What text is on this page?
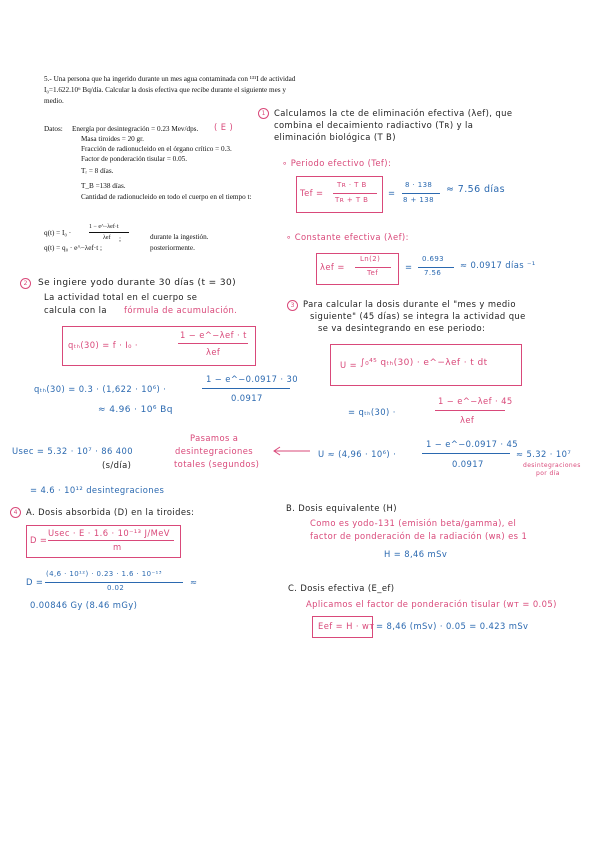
5.- Una persona que ha ingerido durante un mes agua contaminada con ¹³¹I de actividad
I₀=1.622.10⁶ Bq/día. Calcular la dosis efectiva que recibe durante el siguiente mes y
medio.
Datos: Energía por desintegración = 0.23 Mev/dps. ( E )
Masa tiroides = 20 gr.
Fracción de radionucleido en el órgano crítico = 0.3.
Factor de ponderación tisular = 0.05.
Tᵣ = 8 días.
T_B =138 días.
Cantidad de radionucleido en todo el cuerpo en el tiempo t:
q(t) = I₀ ·
1 − e^−λef·t
λef ;	durante la ingestión.
q(t) = q₀ · e^−λef·t ;	posteriormente.
1	Calculamos la cte de eliminación efectiva (λef), que
combina el decaimiento radiactivo (Tʀ) y la
eliminación biológica (T B)
∘ Periodo efectivo (Tef):
Tef =
Tʀ · T B
Tʀ + T B
=
8 · 138
8 + 138
≈ 7.56 días
∘ Constante efectiva (λef):
λef =
Ln(2)
Tef
=
0.693
7.56
≈ 0.0917 días ⁻¹
2	Se ingiere yodo durante 30 días (t = 30)
La actividad total en el cuerpo se
calcula con la fórmula de acumulación.
qₜₕ(30) = f · I₀ ·
1 − e^−λef · t
λef
qₜₕ(30) = 0.3 · (1,622 · 10⁶) ·
1 − e^−0.0917 · 30
0.0917
≈ 4.96 · 10⁶ Bq
3	Para calcular la dosis durante el "mes y medio
siguiente" (45 días) se integra la actividad que
se va desintegrando en ese periodo:
U = ∫₀⁴⁵ qₜₕ(30) · e^−λef · t dt
= qₜₕ(30) ·
1 − e^−λef · 45
λef
U ≈ (4,96 · 10⁶) ·
1 − e^−0.0917 · 45
0.0917
≈ 5.32 · 10⁷
desintegraciones
por día
Pasamos a
desintegraciones
totales (segundos)
Usec = 5.32 · 10⁷ · 86 400
(s/día)
= 4.6 · 10¹² desintegraciones
4	A. Dosis absorbida (D) en la tiroides:
D =
Usec · E · 1.6 · 10⁻¹³ J/MeV
m
D =
(4,6 · 10¹²) · 0.23 · 1.6 · 10⁻¹³
0.02
≈
0.00846 Gy (8.46 mGy)
B. Dosis equivalente (H)
Como es yodo-131 (emisión beta/gamma), el
factor de ponderación de la radiación (wʀ) es 1
H = 8,46 mSv
C. Dosis efectiva (E_ef)
Aplicamos el factor de ponderación tisular (wᴛ = 0.05)
Eef = H · wᴛ = 8,46 (mSv) · 0.05 = 0.423 mSv
